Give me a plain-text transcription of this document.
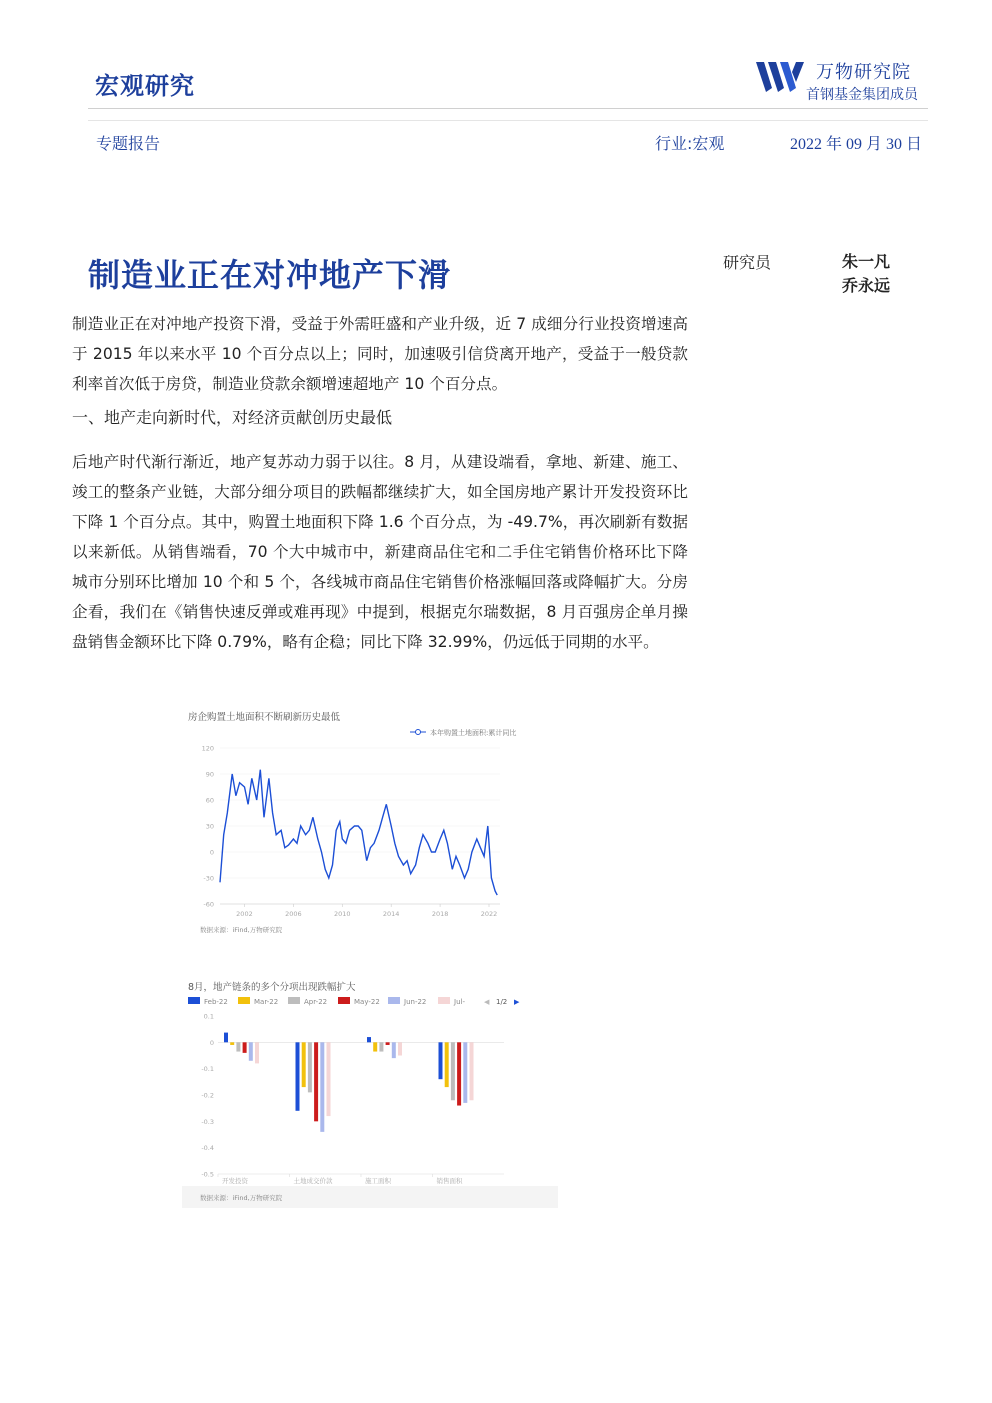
宏观研究	万物研究院
首钢基金集团成员
专题报告	行业:宏观	2022 年 09 月 30 日
制造业正在对冲地产下滑	研究员	朱一凡
乔永远
制造业正在对冲地产投资下滑，受益于外需旺盛和产业升级，近 7 成细分行业投资增速高于 2015 年以来水平 10 个百分点以上；同时，加速吸引信贷离开地产，受益于一般贷款利率首次低于房贷，制造业贷款余额增速超地产 10 个百分点。
一、地产走向新时代，对经济贡献创历史最低
后地产时代渐行渐近，地产复苏动力弱于以往。8 月，从建设端看，拿地、新建、施工、竣工的整条产业链，大部分细分项目的跌幅都继续扩大，如全国房地产累计开发投资环比下降 1 个百分点。其中，购置土地面积下降 1.6 个百分点，为 -49.7%，再次刷新有数据以来新低。从销售端看，70 个大中城市中，新建商品住宅和二手住宅销售价格环比下降城市分别环比增加 10 个和 5 个，各线城市商品住宅销售价格涨幅回落或降幅扩大。分房企看，我们在《销售快速反弹或难再现》中提到，根据克尔瑞数据，8 月百强房企单月操盘销售金额环比下降 0.79%，略有企稳；同比下降 32.99%，仍远低于同期的水平。
房企购置土地面积不断刷新历史最低
本年购置土地面积:累计同比
120
90
60
30
0
-30
-60
2002	2006	2010	2014	2018	2022
数据来源：iFind,万物研究院
8月，地产链条的多个分项出现跌幅扩大
Feb-22	Mar-22	Apr-22	May-22	Jun-22	Jul-	◀ 1/2 ▶
0.1
0
-0.1
-0.2
-0.3
-0.4
-0.5
开发投资	土地成交价款	施工面积	销售面积
数据来源：iFind,万物研究院
